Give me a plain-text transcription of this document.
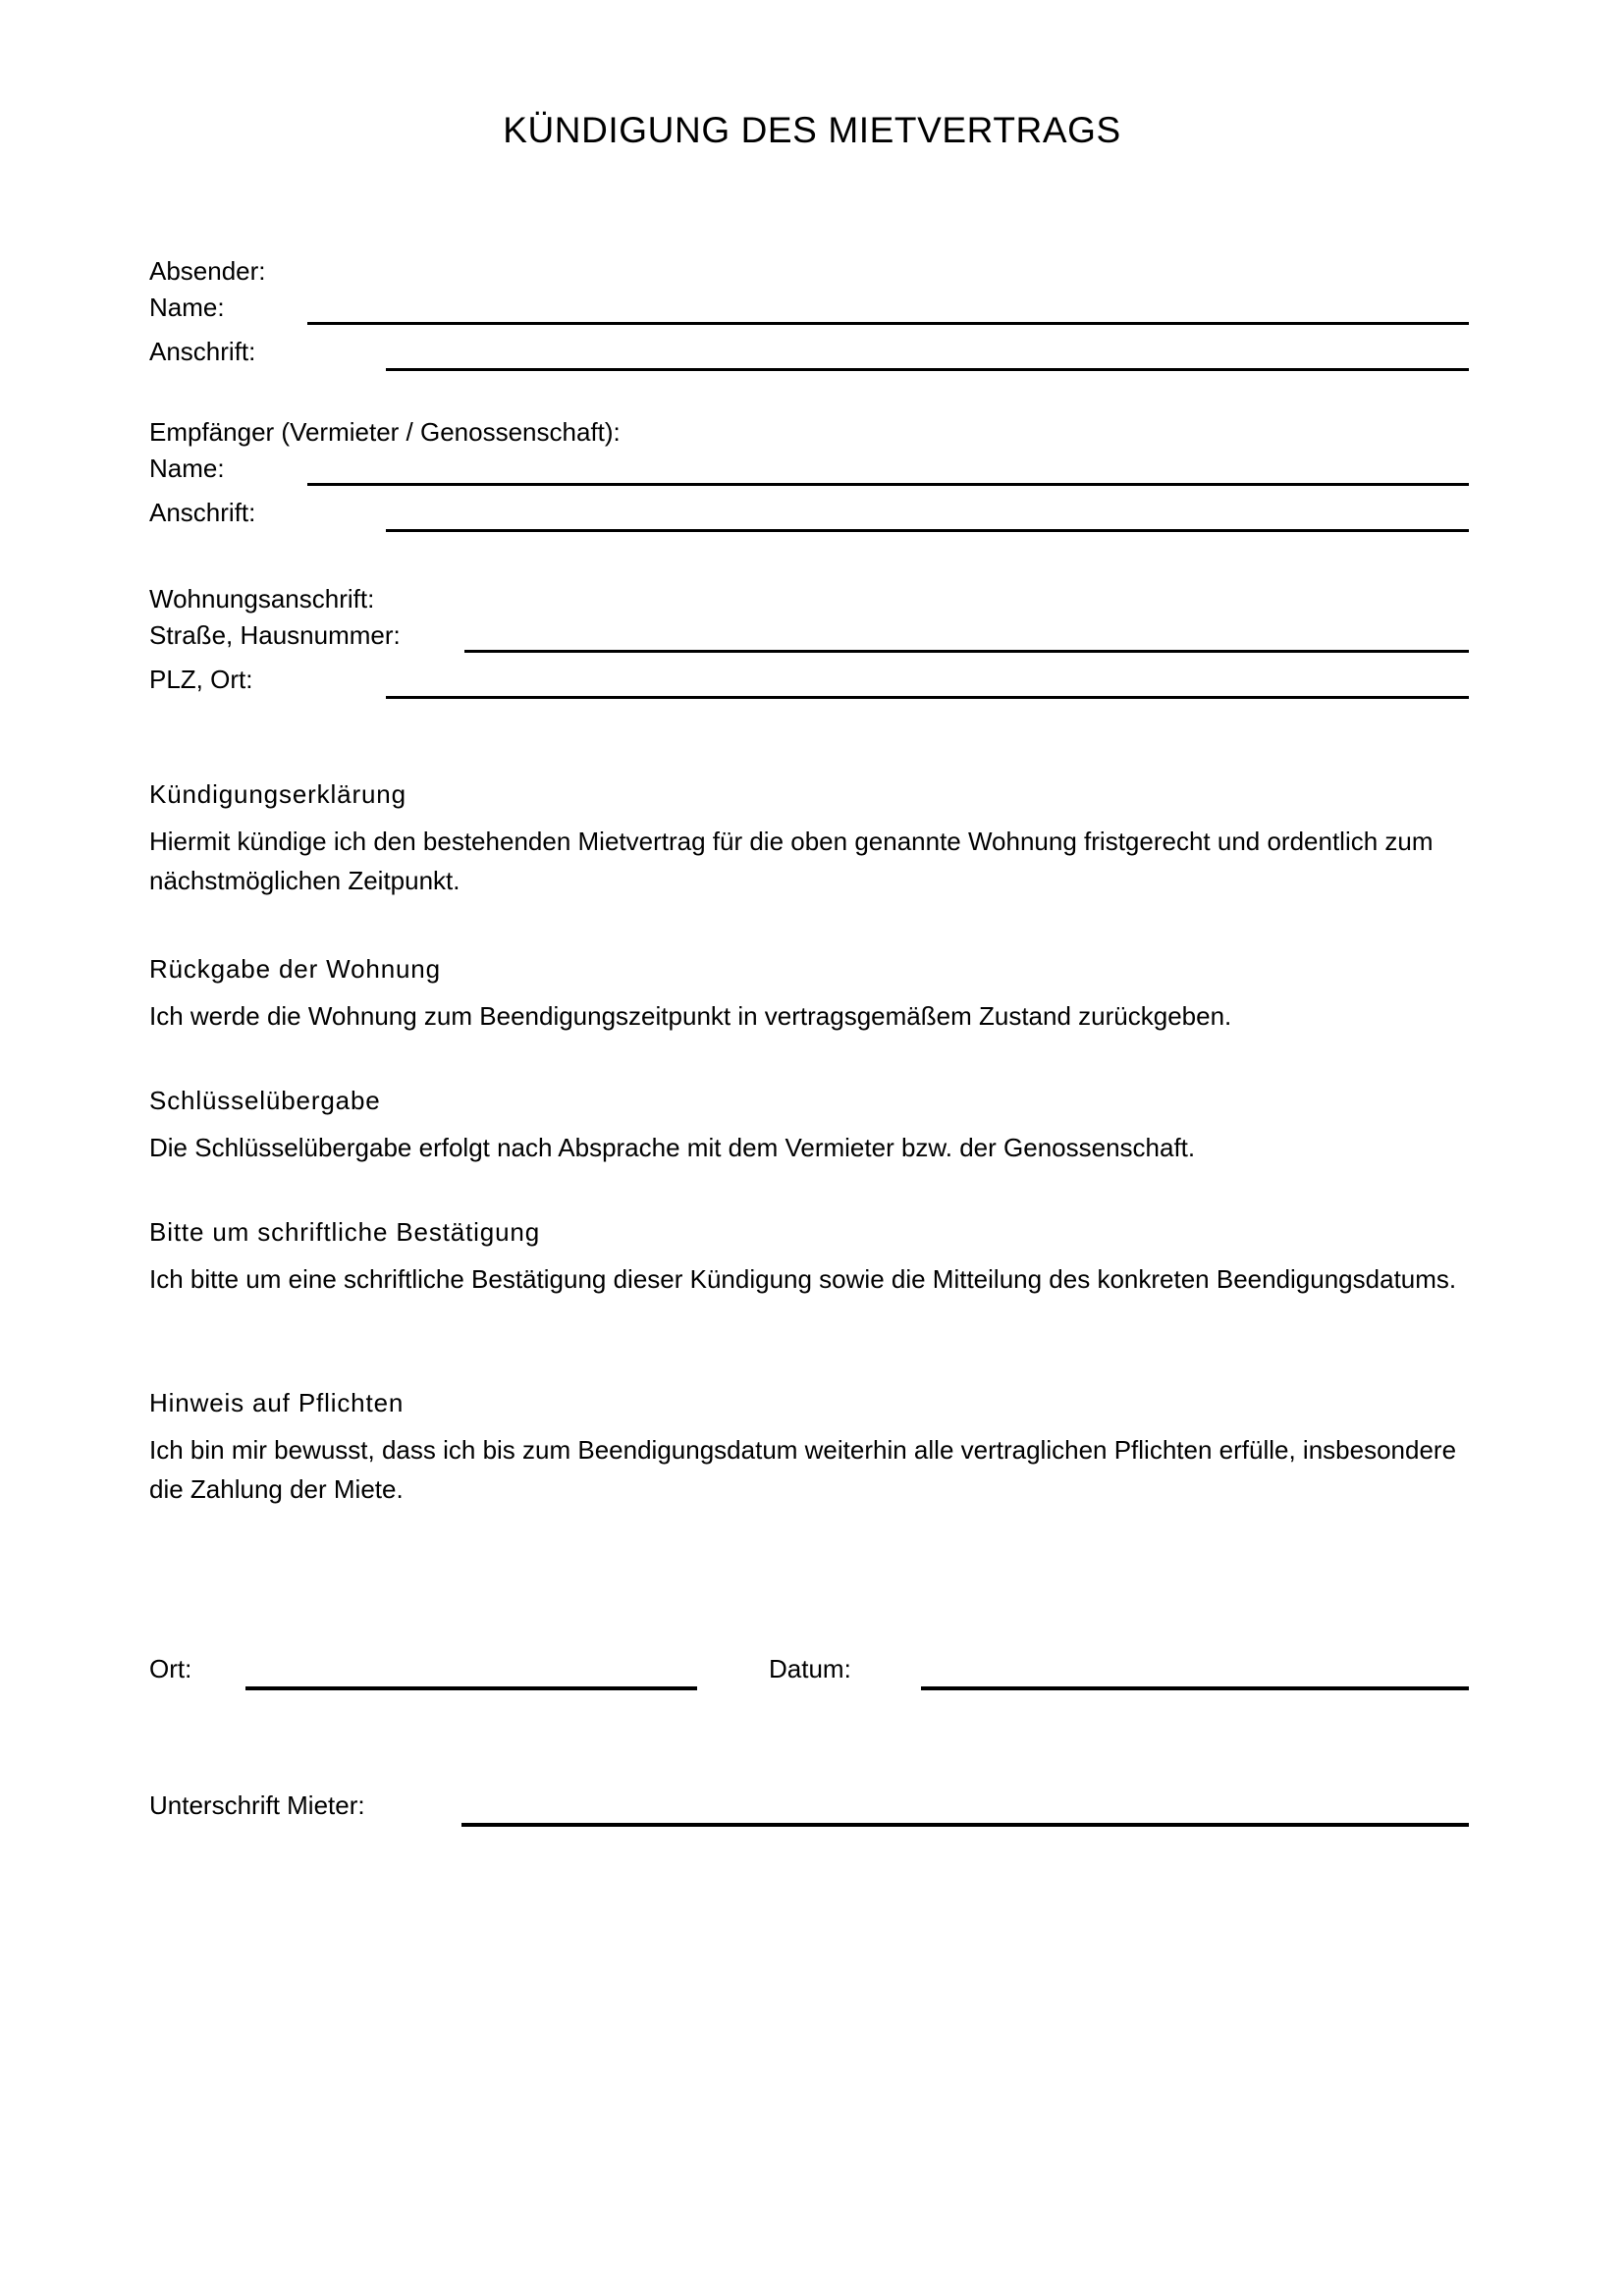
KÜNDIGUNG DES MIETVERTRAGS
Absender:
Name:
Anschrift:
Empfänger (Vermieter / Genossenschaft):
Name:
Anschrift:
Wohnungsanschrift:
Straße, Hausnummer:
PLZ, Ort:
Kündigungserklärung
Hiermit kündige ich den bestehenden Mietvertrag für die oben genannte Wohnung fristgerecht und ordentlich zum nächstmöglichen Zeitpunkt.
Rückgabe der Wohnung
Ich werde die Wohnung zum Beendigungszeitpunkt in vertragsgemäßem Zustand zurückgeben.
Schlüsselübergabe
Die Schlüsselübergabe erfolgt nach Absprache mit dem Vermieter bzw. der Genossenschaft.
Bitte um schriftliche Bestätigung
Ich bitte um eine schriftliche Bestätigung dieser Kündigung sowie die Mitteilung des konkreten Beendigungsdatums.
Hinweis auf Pflichten
Ich bin mir bewusst, dass ich bis zum Beendigungsdatum weiterhin alle vertraglichen Pflichten erfülle, insbesondere die Zahlung der Miete.
Ort:	Datum:
Unterschrift Mieter:
